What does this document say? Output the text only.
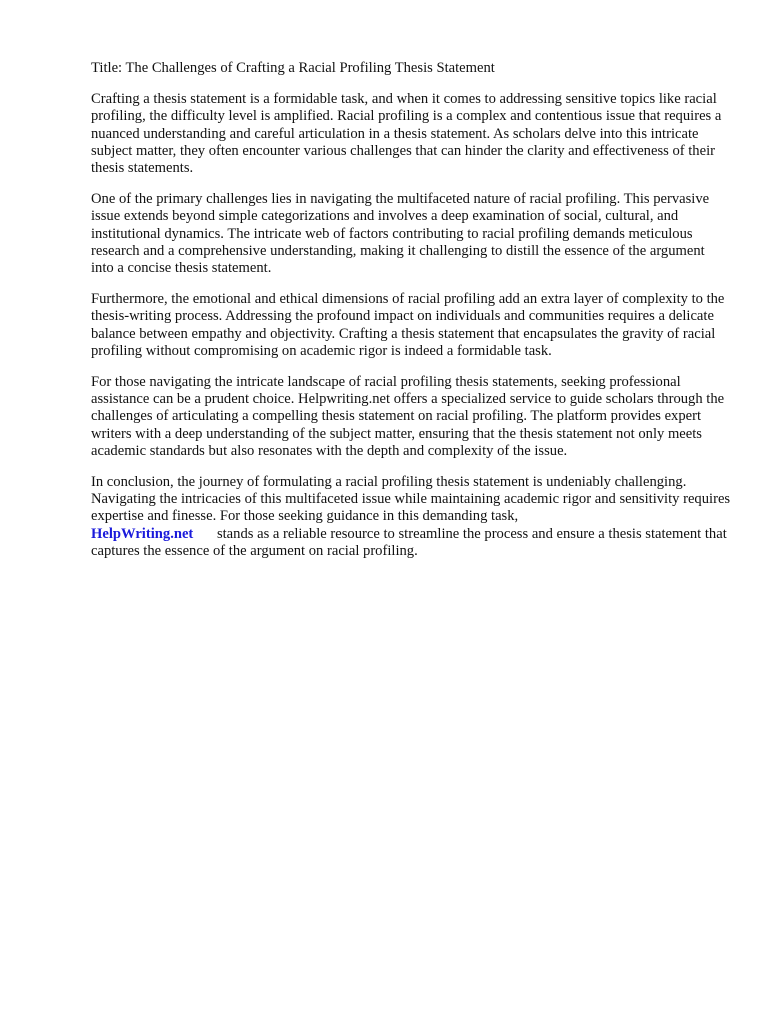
Title: The Challenges of Crafting a Racial Profiling Thesis Statement

Crafting a thesis statement is a formidable task, and when it comes to addressing sensitive topics like racial profiling, the difficulty level is amplified. Racial profiling is a complex and contentious issue that requires a nuanced understanding and careful articulation in a thesis statement. As scholars delve into this intricate subject matter, they often encounter various challenges that can hinder the clarity and effectiveness of their thesis statements.

One of the primary challenges lies in navigating the multifaceted nature of racial profiling. This pervasive issue extends beyond simple categorizations and involves a deep examination of social, cultural, and institutional dynamics. The intricate web of factors contributing to racial profiling demands meticulous research and a comprehensive understanding, making it challenging to distill the essence of the argument into a concise thesis statement.

Furthermore, the emotional and ethical dimensions of racial profiling add an extra layer of complexity to the thesis-writing process. Addressing the profound impact on individuals and communities requires a delicate balance between empathy and objectivity. Crafting a thesis statement that encapsulates the gravity of racial profiling without compromising on academic rigor is indeed a formidable task.

For those navigating the intricate landscape of racial profiling thesis statements, seeking professional assistance can be a prudent choice. Helpwriting.net offers a specialized service to guide scholars through the challenges of articulating a compelling thesis statement on racial profiling. The platform provides expert writers with a deep understanding of the subject matter, ensuring that the thesis statement not only meets academic standards but also resonates with the depth and complexity of the issue.

In conclusion, the journey of formulating a racial profiling thesis statement is undeniably challenging. Navigating the intricacies of this multifaceted issue while maintaining academic rigor and sensitivity requires expertise and finesse. For those seeking guidance in this demanding task,
HelpWriting.net stands as a reliable resource to streamline the process and ensure a thesis statement that captures the essence of the argument on racial profiling.
